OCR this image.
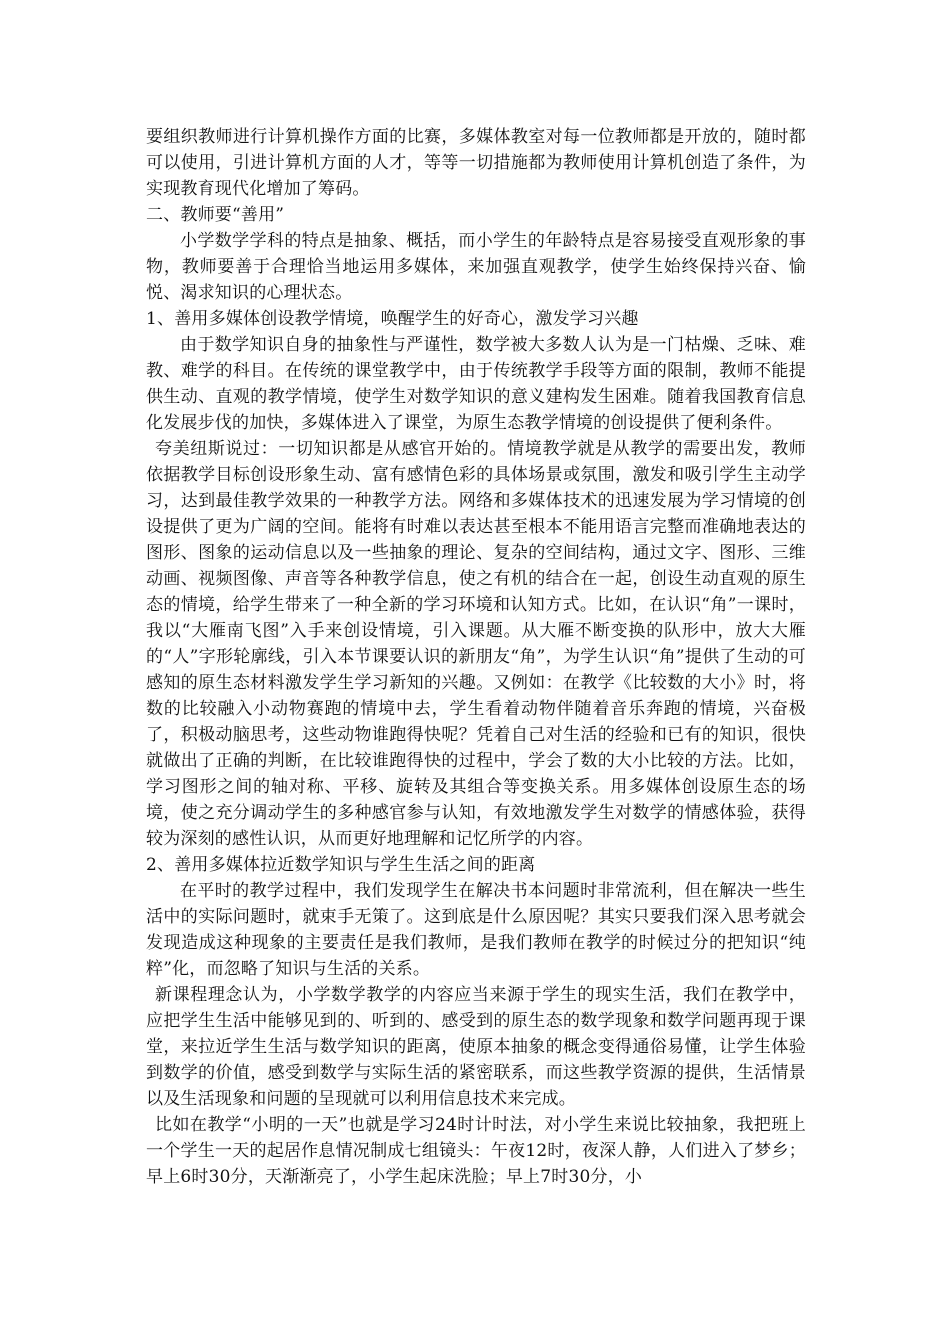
要组织教师进行计算机操作方面的比赛，多媒体教室对每一位教师都是开放的，随时都可以使用，引进计算机方面的人才，等等一切措施都为教师使用计算机创造了条件，为实现教育现代化增加了筹码。

二、教师要“善用”

小学数学学科的特点是抽象、概括，而小学生的年龄特点是容易接受直观形象的事物，教师要善于合理恰当地运用多媒体，来加强直观教学，使学生始终保持兴奋、愉悦、渴求知识的心理状态。

1、善用多媒体创设教学情境，唤醒学生的好奇心，激发学习兴趣

由于数学知识自身的抽象性与严谨性，数学被大多数人认为是一门枯燥、乏味、难教、难学的科目。在传统的课堂教学中，由于传统教学手段等方面的限制，教师不能提供生动、直观的教学情境，使学生对数学知识的意义建构发生困难。随着我国教育信息化发展步伐的加快，多媒体进入了课堂，为原生态教学情境的创设提供了便利条件。

夸美纽斯说过：一切知识都是从感官开始的。情境教学就是从教学的需要出发，教师依据教学目标创设形象生动、富有感情色彩的具体场景或氛围，激发和吸引学生主动学习，达到最佳教学效果的一种教学方法。网络和多媒体技术的迅速发展为学习情境的创设提供了更为广阔的空间。能将有时难以表达甚至根本不能用语言完整而准确地表达的图形、图象的运动信息以及一些抽象的理论、复杂的空间结构，通过文字、图形、三维动画、视频图像、声音等各种教学信息，使之有机的结合在一起，创设生动直观的原生态的情境，给学生带来了一种全新的学习环境和认知方式。比如，在认识“角”一课时，我以“大雁南飞图”入手来创设情境，引入课题。从大雁不断变换的队形中，放大大雁的“人”字形轮廓线，引入本节课要认识的新朋友“角”，为学生认识“角”提供了生动的可感知的原生态材料激发学生学习新知的兴趣。又例如：在教学《比较数的大小》时，将数的比较融入小动物赛跑的情境中去，学生看着动物伴随着音乐奔跑的情境，兴奋极了，积极动脑思考，这些动物谁跑得快呢？凭着自己对生活的经验和已有的知识，很快就做出了正确的判断，在比较谁跑得快的过程中，学会了数的大小比较的方法。比如，学习图形之间的轴对称、平移、旋转及其组合等变换关系。用多媒体创设原生态的场境，使之充分调动学生的多种感官参与认知，有效地激发学生对数学的情感体验，获得较为深刻的感性认识，从而更好地理解和记忆所学的内容。

2、善用多媒体拉近数学知识与学生生活之间的距离

在平时的教学过程中，我们发现学生在解决书本问题时非常流利，但在解决一些生活中的实际问题时，就束手无策了。这到底是什么原因呢？其实只要我们深入思考就会发现造成这种现象的主要责任是我们教师，是我们教师在教学的时候过分的把知识“纯粹”化，而忽略了知识与生活的关系。

新课程理念认为，小学数学教学的内容应当来源于学生的现实生活，我们在教学中，应把学生生活中能够见到的、听到的、感受到的原生态的数学现象和数学问题再现于课堂，来拉近学生生活与数学知识的距离，使原本抽象的概念变得通俗易懂，让学生体验到数学的价值，感受到数学与实际生活的紧密联系，而这些教学资源的提供，生活情景以及生活现象和问题的呈现就可以利用信息技术来完成。

比如在教学“小明的一天”也就是学习24时计时法，对小学生来说比较抽象，我把班上一个学生一天的起居作息情况制成七组镜头：午夜12时，夜深人静，人们进入了梦乡；早上6时30分，天渐渐亮了，小学生起床洗脸；早上7时30分，小
